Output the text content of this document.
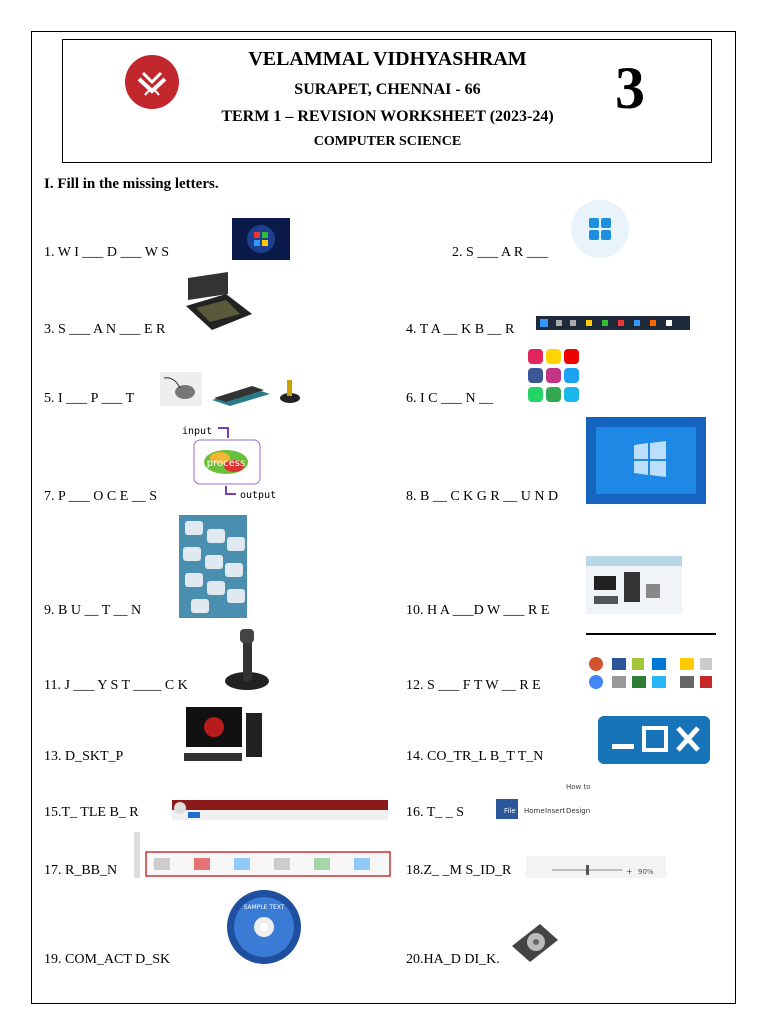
VELAMMAL VIDHYASHRAM
SURAPET, CHENNAI - 66
TERM 1 – REVISION WORKSHEET (2023-24)
COMPUTER SCIENCE
3
I. Fill in the missing letters.
1. W I ___ D ___ W S	2. S ___ A R ___
3. S ___ A N ___ E R	4. T A __ K B __ R
5. I ___ P ___ T	6. I C ___ N __
7. P ___ O C E __ S	8. B __ C K G R __ U N D
9. B U __ T __ N	10. H A ___D W ___ R E
11. J ___ Y S T ____ C K	12. S ___ F T W __ R E
13. D_SKT_P	14. CO_TR_L B_T T_N
15.T_ TLE B_ R	16. T_ _ S
17. R_BB_N	18.Z_ _M S_ID_R
19. COM_ACT D_SK	20.HA_D DI_K.
input
process
output
How to
File Home Insert Design
+ 90%
SAMPLE TEXT
